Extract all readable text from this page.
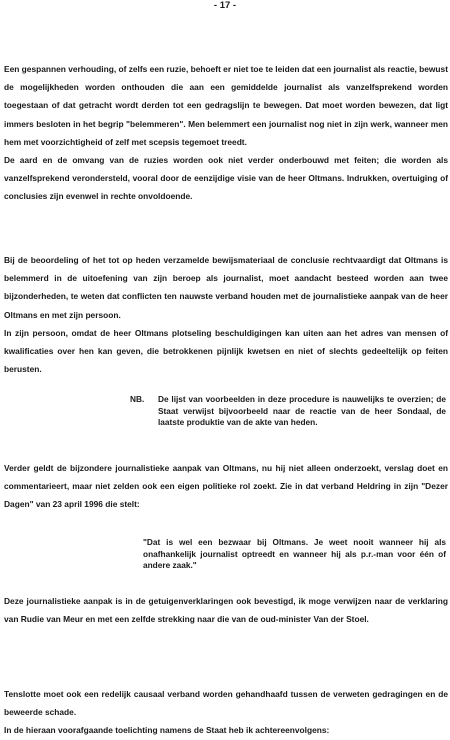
- 17 -

Een gespannen verhouding, of zelfs een ruzie, behoeft er niet toe te leiden dat een journalist als reactie, bewust de mogelijkheden worden onthouden die aan een gemiddelde journalist als vanzelfsprekend worden toegestaan of dat getracht wordt derden tot een gedragslijn te bewegen. Dat moet worden bewezen, dat ligt immers besloten in het begrip "belemmeren". Men belemmert een journalist nog niet in zijn werk, wanneer men hem met voorzichtigheid of zelf met scepsis tegemoet treedt.

De aard en de omvang van de ruzies worden ook niet verder onderbouwd met feiten; die worden als vanzelfsprekend verondersteld, vooral door de eenzijdige visie van de heer Oltmans. Indrukken, overtuiging of conclusies zijn evenwel in rechte onvoldoende.

Bij de beoordeling of het tot op heden verzamelde bewijsmateriaal de conclusie rechtvaardigt dat Oltmans is belemmerd in de uitoefening van zijn beroep als journalist, moet aandacht besteed worden aan twee bijzonderheden, te weten dat conflicten ten nauwste verband houden met de journalistieke aanpak van de heer Oltmans en met zijn persoon.

In zijn persoon, omdat de heer Oltmans plotseling beschuldigingen kan uiten aan het adres van mensen of kwalificaties over hen kan geven, die betrokkenen pijnlijk kwetsen en niet of slechts gedeeltelijk op feiten berusten.

NB.	De lijst van voorbeelden in deze procedure is nauwelijks te overzien; de Staat verwijst bijvoorbeeld naar de reactie van de heer Sondaal, de laatste produktie van de akte van heden.

Verder geldt de bijzondere journalistieke aanpak van Oltmans, nu hij niet alleen onderzoekt, verslag doet en commentarieert, maar niet zelden ook een eigen politieke rol zoekt. Zie in dat verband Heldring in zijn "Dezer Dagen" van 23 april 1996 die stelt:

"Dat is wel een bezwaar bij Oltmans. Je weet nooit wanneer hij als onafhankelijk journalist optreedt en wanneer hij als p.r.-man voor één of andere zaak."

Deze journalistieke aanpak is in de getuigenverklaringen ook bevestigd, ik moge verwijzen naar de verklaring van Rudie van Meur en met een zelfde strekking naar die van de oud-minister Van der Stoel.

Tenslotte moet ook een redelijk causaal verband worden gehandhaafd tussen de verweten gedragingen en de beweerde schade.

In de hieraan voorafgaande toelichting namens de Staat heb ik achtereenvolgens:
